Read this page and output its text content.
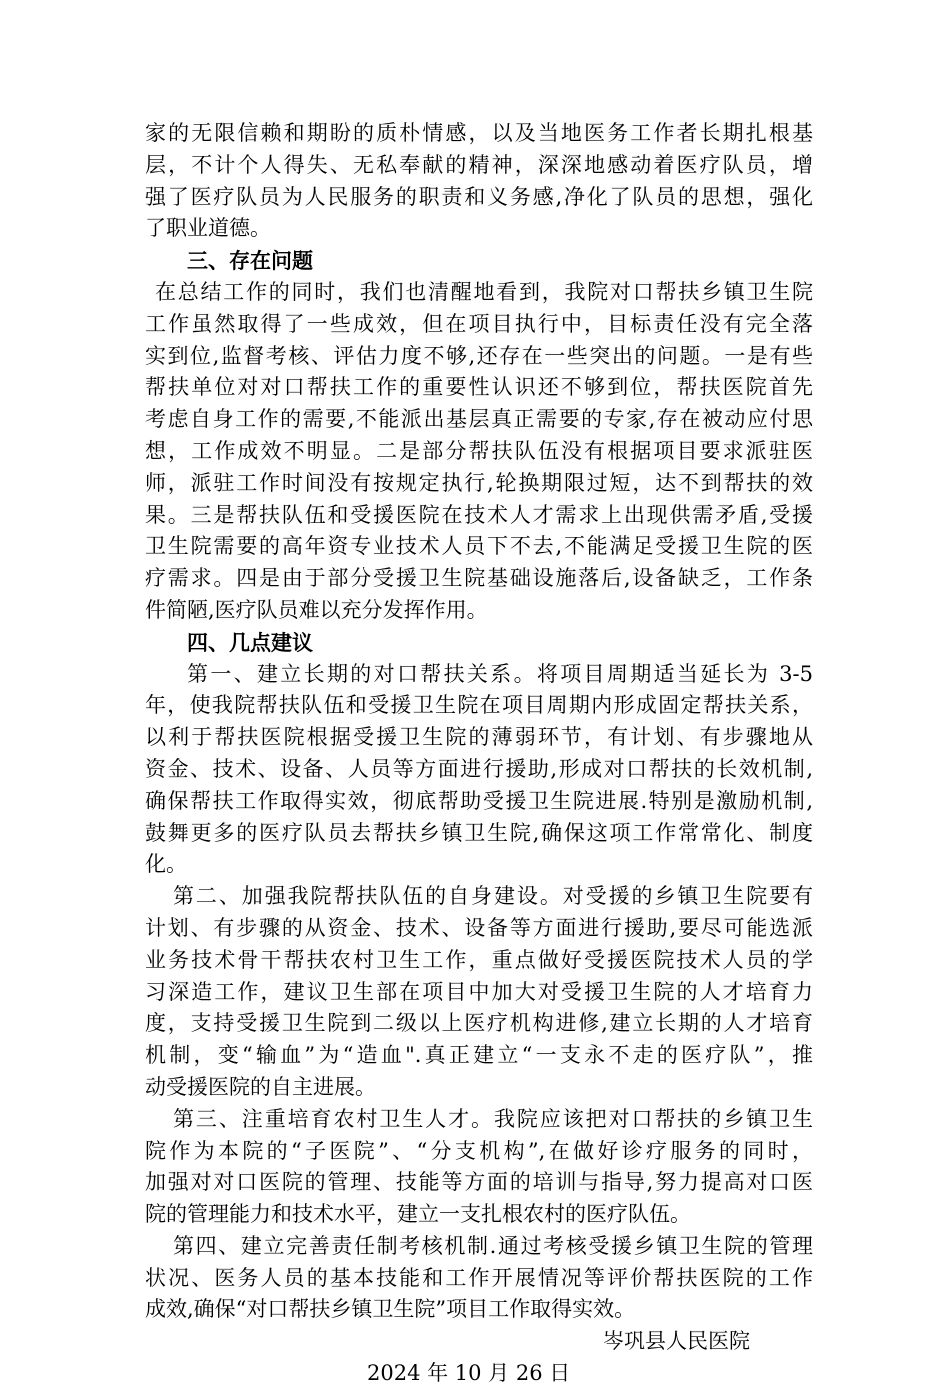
家的无限信赖和期盼的质朴情感，以及当地医务工作者长期扎根基
层，不计个人得失、无私奉献的精神，深深地感动着医疗队员，增
强了医疗队员为人民服务的职责和义务感,净化了队员的思想，强化
了职业道德。
三、存在问题
在总结工作的同时，我们也清醒地看到，我院对口帮扶乡镇卫生院
工作虽然取得了一些成效，但在项目执行中，目标责任没有完全落
实到位,监督考核、评估力度不够,还存在一些突出的问题。一是有些
帮扶单位对对口帮扶工作的重要性认识还不够到位，帮扶医院首先
考虑自身工作的需要,不能派出基层真正需要的专家,存在被动应付思
想，工作成效不明显。二是部分帮扶队伍没有根据项目要求派驻医
师，派驻工作时间没有按规定执行,轮换期限过短，达不到帮扶的效
果。三是帮扶队伍和受援医院在技术人才需求上出现供需矛盾,受援
卫生院需要的高年资专业技术人员下不去,不能满足受援卫生院的医
疗需求。四是由于部分受援卫生院基础设施落后,设备缺乏，工作条
件简陋,医疗队员难以充分发挥作用。
四、几点建议
第一、建立长期的对口帮扶关系。将项目周期适当延长为 3-5
年，使我院帮扶队伍和受援卫生院在项目周期内形成固定帮扶关系，
以利于帮扶医院根据受援卫生院的薄弱环节，有计划、有步骤地从
资金、技术、设备、人员等方面进行援助,形成对口帮扶的长效机制,
确保帮扶工作取得实效，彻底帮助受援卫生院进展.特别是激励机制,
鼓舞更多的医疗队员去帮扶乡镇卫生院,确保这项工作常常化、制度
化。
第二、加强我院帮扶队伍的自身建设。对受援的乡镇卫生院要有
计划、有步骤的从资金、技术、设备等方面进行援助,要尽可能选派
业务技术骨干帮扶农村卫生工作，重点做好受援医院技术人员的学
习深造工作，建议卫生部在项目中加大对受援卫生院的人才培育力
度，支持受援卫生院到二级以上医疗机构进修,建立长期的人才培育
机制，变“输血”为“造血".真正建立“一支永不走的医疗队”，推
动受援医院的自主进展。
第三、注重培育农村卫生人才。我院应该把对口帮扶的乡镇卫生
院作为本院的“子医院”、“分支机构”,在做好诊疗服务的同时，
加强对对口医院的管理、技能等方面的培训与指导,努力提高对口医
院的管理能力和技术水平，建立一支扎根农村的医疗队伍。
第四、建立完善责任制考核机制.通过考核受援乡镇卫生院的管理
状况、医务人员的基本技能和工作开展情况等评价帮扶医院的工作
成效,确保“对口帮扶乡镇卫生院”项目工作取得实效。
岑巩县人民医院
2024 年 10 月 26 日
